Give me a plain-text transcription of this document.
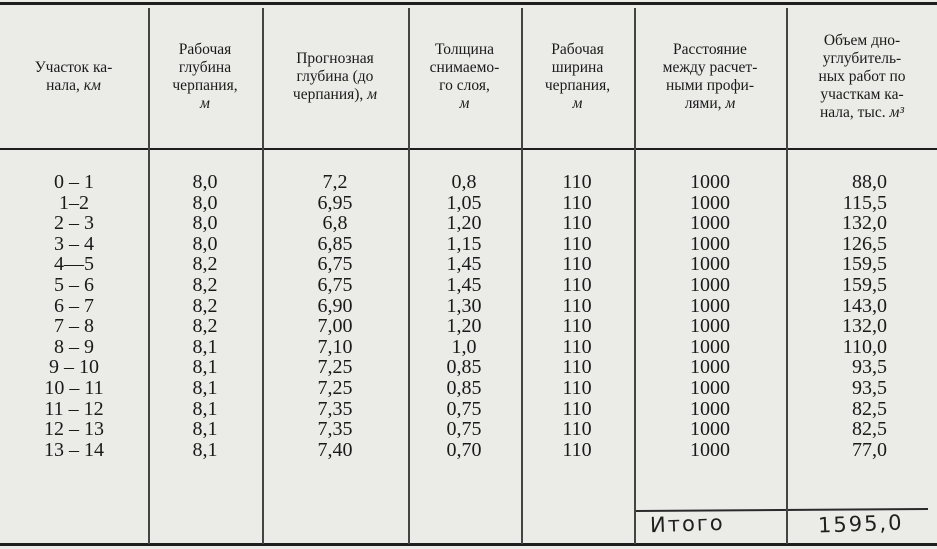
Участок ка-
нала, км
Рабочая
глубина
черпания,
м
Прогнозная
глубина (до
черпания), м
Толщина
снимаемо-
го слоя,
м
Рабочая
ширина
черпания,
м
Расстояние
между расчет-
ными профи-
лями, м
Объем дно-
углубитель-
ных работ по
участкам ка-
нала, тыс. м³
0 – 1
1–2
2 – 3
3 – 4
4—5
5 – 6
6 – 7
7 – 8
8 – 9
9 – 10
10 – 11
11 – 12
12 – 13
13 – 14
8,0
8,0
8,0
8,0
8,2
8,2
8,2
8,2
8,1
8,1
8,1
8,1
8,1
8,1
7,2
6,95
6,8
6,85
6,75
6,75
6,90
7,00
7,10
7,25
7,25
7,35
7,35
7,40
0,8
1,05
1,20
1,15
1,45
1,45
1,30
1,20
1,0
0,85
0,85
0,75
0,75
0,70
110
110
110
110
110
110
110
110
110
110
110
110
110
110
1000
1000
1000
1000
1000
1000
1000
1000
1000
1000
1000
1000
1000
1000
88,0
115,5
132,0
126,5
159,5
159,5
143,0
132,0
110,0
93,5
93,5
82,5
82,5
77,0
Итого	1595,0
